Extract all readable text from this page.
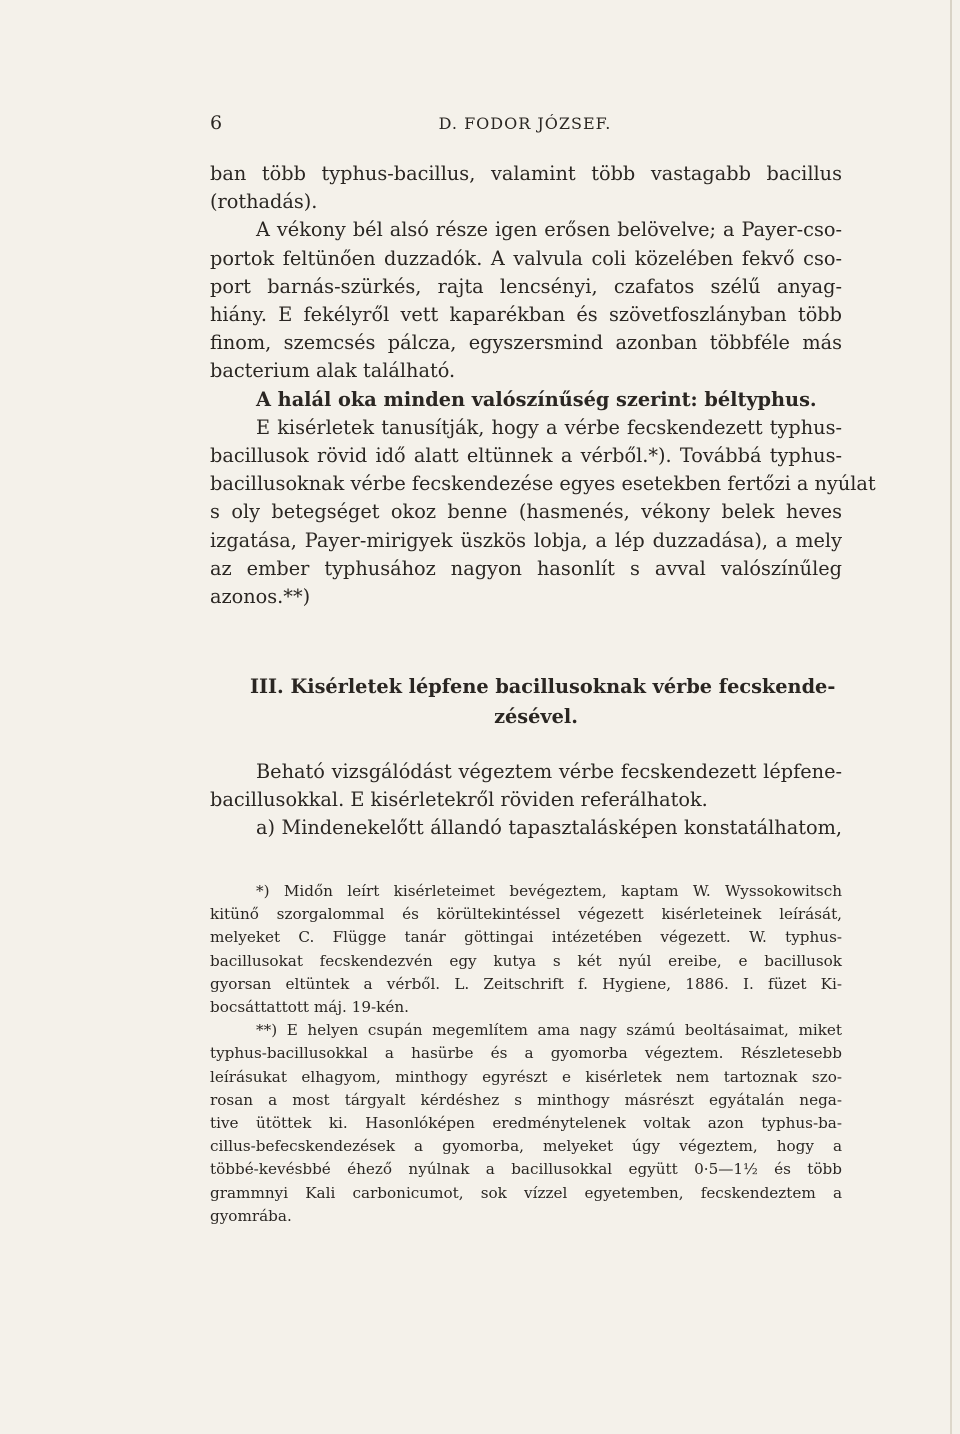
6	D. FODOR JÓZSEF.
ban több typhus-bacillus, valamint több vastagabb bacillus
(rothadás).
A vékony bél alsó része igen erősen belövelve; a Payer-cso-
portok feltünően duzzadók. A valvula coli közelében fekvő cso-
port barnás-szürkés, rajta lencsényi, czafatos szélű anyag-
hiány. E fekélyről vett kaparékban és szövetfoszlányban több
finom, szemcsés pálcza, egyszersmind azonban többféle más
bacterium alak található.
A halál oka minden valószínűség szerint: béltyphus.
E kisérletek tanusítják, hogy a vérbe fecskendezett typhus-
bacillusok rövid idő alatt eltünnek a vérből.*). Továbbá typhus-
bacillusoknak vérbe fecskendezése egyes esetekben fertőzi a nyúlat
s oly betegséget okoz benne (hasmenés, vékony belek heves
izgatása, Payer-mirigyek üszkös lobja, a lép duzzadása), a mely
az ember typhusához nagyon hasonlít s avval valószínűleg
azonos.**)
III. Kisérletek lépfene bacillusoknak vérbe fecskende-
zésével.
Beható vizsgálódást végeztem vérbe fecskendezett lépfene-
bacillusokkal. E kisérletekről röviden referálhatok.
a) Mindenekelőtt állandó tapasztalásképen konstatálhatom,
*) Midőn leírt kisérleteimet bevégeztem, kaptam W. Wyssokowitsch
kitünő szorgalommal és körültekintéssel végezett kisérleteinek leírását,
melyeket C. Flügge tanár göttingai intézetében végezett. W. typhus-
bacillusokat fecskendezvén egy kutya s két nyúl ereibe, e bacillusok
gyorsan eltüntek a vérből. L. Zeitschrift f. Hygiene, 1886. I. füzet Ki-
bocsáttattott máj. 19-kén.
**) E helyen csupán megemlítem ama nagy számú beoltásaimat, miket
typhus-bacillusokkal a hasürbe és a gyomorba végeztem. Részletesebb
leírásukat elhagyom, minthogy egyrészt e kisérletek nem tartoznak szo-
rosan a most tárgyalt kérdéshez s minthogy másrészt egyátalán nega-
tive ütöttek ki. Hasonlóképen eredménytelenek voltak azon typhus-ba-
cillus-befecskendezések a gyomorba, melyeket úgy végeztem, hogy a
többé-kevésbbé éhező nyúlnak a bacillusokkal együtt 0·5—1½ és több
grammnyi Kali carbonicumot, sok vízzel egyetemben, fecskendeztem a
gyomrába.
